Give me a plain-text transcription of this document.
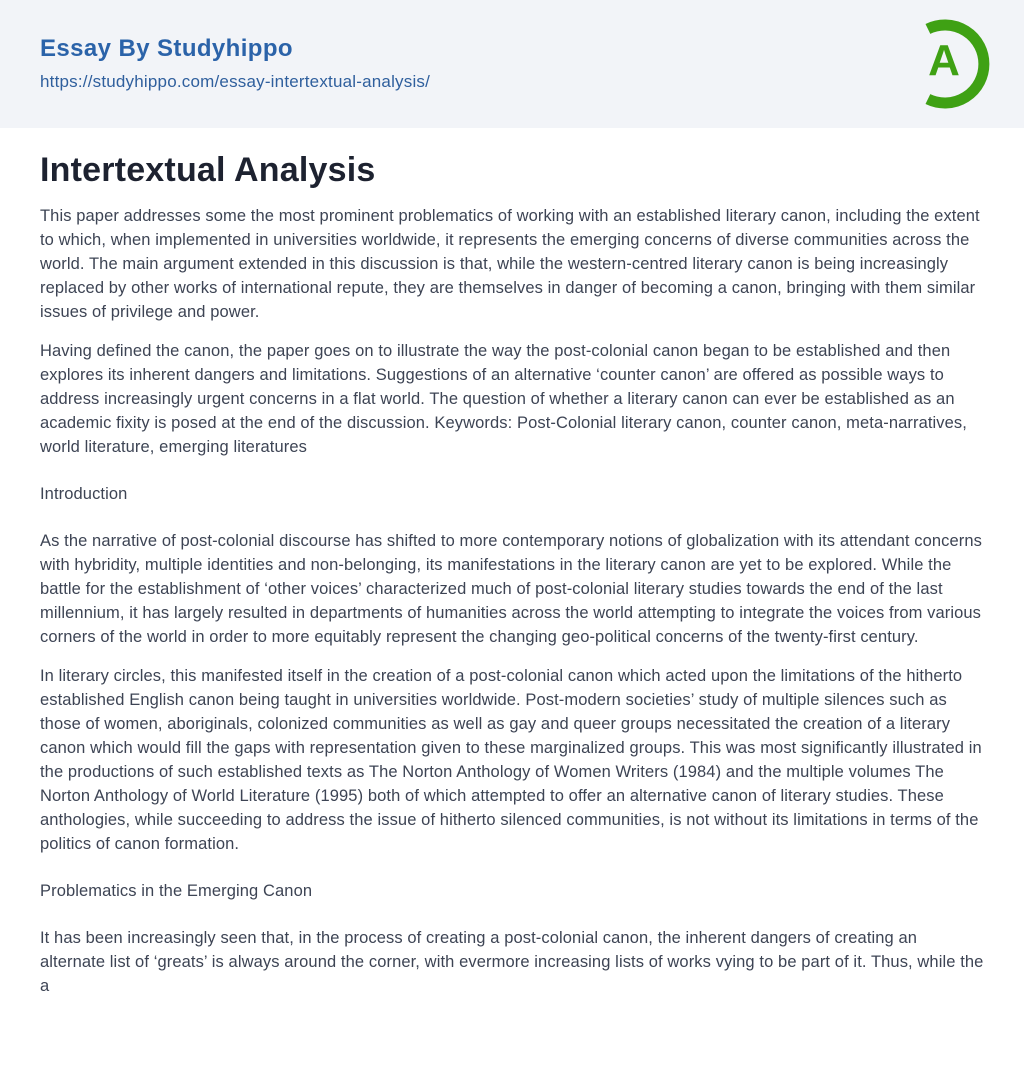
Essay By Studyhippo
https://studyhippo.com/essay-intertextual-analysis/	A
Intertextual Analysis

This paper addresses some the most prominent problematics of working with an established literary canon, including the extent to which, when implemented in universities worldwide, it represents the emerging concerns of diverse communities across the world. The main argument extended in this discussion is that, while the western-centred literary canon is being increasingly replaced by other works of international repute, they are themselves in danger of becoming a canon, bringing with them similar issues of privilege and power.

Having defined the canon, the paper goes on to illustrate the way the post-colonial canon began to be established and then explores its inherent dangers and limitations. Suggestions of an alternative ‘counter canon’ are offered as possible ways to address increasingly urgent concerns in a flat world. The question of whether a literary canon can ever be established as an academic fixity is posed at the end of the discussion. Keywords: Post-Colonial literary canon, counter canon, meta-narratives, world literature, emerging literatures

Introduction

As the narrative of post-colonial discourse has shifted to more contemporary notions of globalization with its attendant concerns with hybridity, multiple identities and non-belonging, its manifestations in the literary canon are yet to be explored. While the battle for the establishment of ‘other voices’ characterized much of post-colonial literary studies towards the end of the last millennium, it has largely resulted in departments of humanities across the world attempting to integrate the voices from various corners of the world in order to more equitably represent the changing geo-political concerns of the twenty-first century.

In literary circles, this manifested itself in the creation of a post-colonial canon which acted upon the limitations of the hitherto established English canon being taught in universities worldwide. Post-modern societies’ study of multiple silences such as those of women, aboriginals, colonized communities as well as gay and queer groups necessitated the creation of a literary canon which would fill the gaps with representation given to these marginalized groups. This was most significantly illustrated in the productions of such established texts as The Norton Anthology of Women Writers (1984) and the multiple volumes The Norton Anthology of World Literature (1995) both of which attempted to offer an alternative canon of literary studies. These anthologies, while succeeding to address the issue of hitherto silenced communities, is not without its limitations in terms of the politics of canon formation.

Problematics in the Emerging Canon

It has been increasingly seen that, in the process of creating a post-colonial canon, the inherent dangers of creating an alternate list of ‘greats’ is always around the corner, with evermore increasing lists of works vying to be part of it. Thus, while the a
